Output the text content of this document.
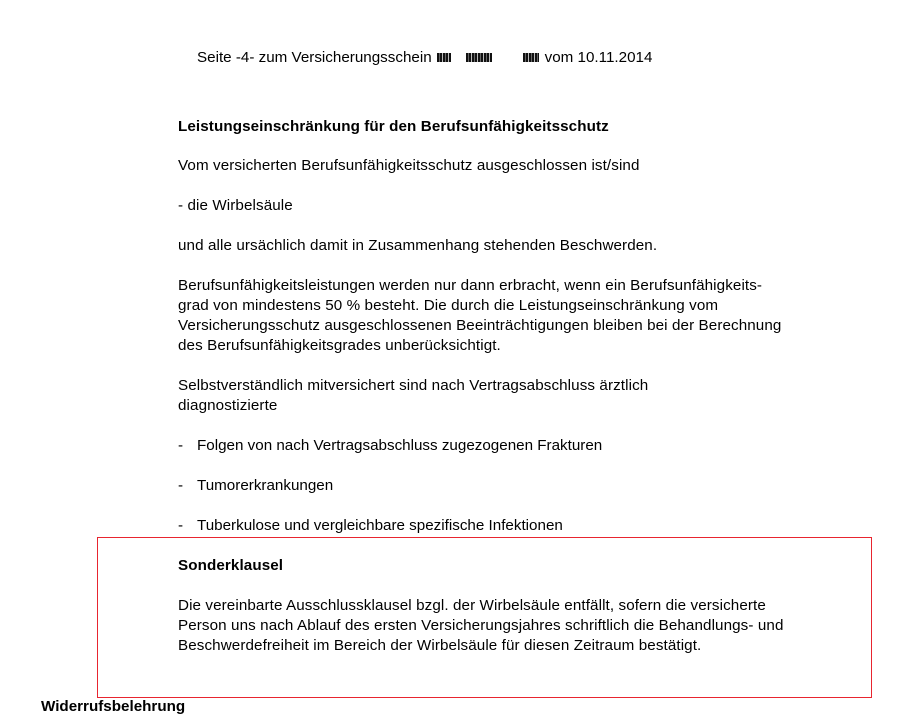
Seite -4- zum Versicherungsschein	vom 10.11.2014
Leistungseinschränkung für den Berufsunfähigkeitsschutz
Vom versicherten Berufsunfähigkeitsschutz ausgeschlossen ist/sind
- die Wirbelsäule
und alle ursächlich damit in Zusammenhang stehenden Beschwerden.
Berufsunfähigkeitsleistungen werden nur dann erbracht, wenn ein Berufsunfähigkeits-
grad von mindestens 50 % besteht. Die durch die Leistungseinschränkung vom
Versicherungsschutz ausgeschlossenen Beeinträchtigungen bleiben bei der Berechnung
des Berufsunfähigkeitsgrades unberücksichtigt.
Selbstverständlich mitversichert sind nach Vertragsabschluss ärztlich
diagnostizierte
- Folgen von nach Vertragsabschluss zugezogenen Frakturen
- Tumorerkrankungen
- Tuberkulose und vergleichbare spezifische Infektionen
Sonderklausel
Die vereinbarte Ausschlussklausel bzgl. der Wirbelsäule entfällt, sofern die versicherte
Person uns nach Ablauf des ersten Versicherungsjahres schriftlich die Behandlungs- und
Beschwerdefreiheit im Bereich der Wirbelsäule für diesen Zeitraum bestätigt.
Widerrufsbelehrung
